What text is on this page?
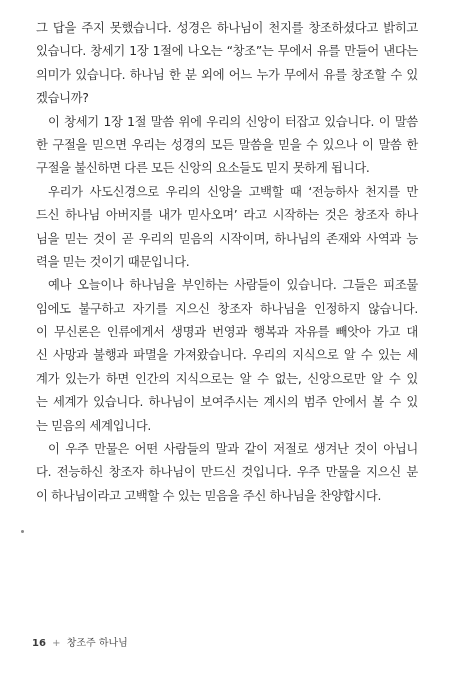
그 답을 주지 못했습니다. 성경은 하나님이 천지를 창조하셨다고 밝히고
있습니다. 창세기 1장 1절에 나오는 “창조”는 무에서 유를 만들어 낸다는
의미가 있습니다. 하나님 한 분 외에 어느 누가 무에서 유를 창조할 수 있
겠습니까?
이 창세기 1장 1절 말씀 위에 우리의 신앙이 터잡고 있습니다. 이 말씀
한 구절을 믿으면 우리는 성경의 모든 말씀을 믿을 수 있으나 이 말씀 한
구절을 불신하면 다른 모든 신앙의 요소들도 믿지 못하게 됩니다.
우리가 사도신경으로 우리의 신앙을 고백할 때 ‘전능하사 천지를 만
드신 하나님 아버지를 내가 믿사오며’ 라고 시작하는 것은 창조자 하나
님을 믿는 것이 곧 우리의 믿음의 시작이며, 하나님의 존재와 사역과 능
력을 믿는 것이기 때문입니다.
예나 오늘이나 하나님을 부인하는 사람들이 있습니다. 그들은 피조물
임에도 불구하고 자기를 지으신 창조자 하나님을 인정하지 않습니다.
이 무신론은 인류에게서 생명과 번영과 행복과 자유를 빼앗아 가고 대
신 사망과 불행과 파멸을 가져왔습니다. 우리의 지식으로 알 수 있는 세
계가 있는가 하면 인간의 지식으로는 알 수 없는, 신앙으로만 알 수 있
는 세계가 있습니다. 하나님이 보여주시는 계시의 범주 안에서 볼 수 있
는 믿음의 세계입니다.
이 우주 만물은 어떤 사람들의 말과 같이 저절로 생겨난 것이 아닙니
다. 전능하신 창조자 하나님이 만드신 것입니다. 우주 만물을 지으신 분
이 하나님이라고 고백할 수 있는 믿음을 주신 하나님을 찬양합시다.
16 + 창조주 하나님
